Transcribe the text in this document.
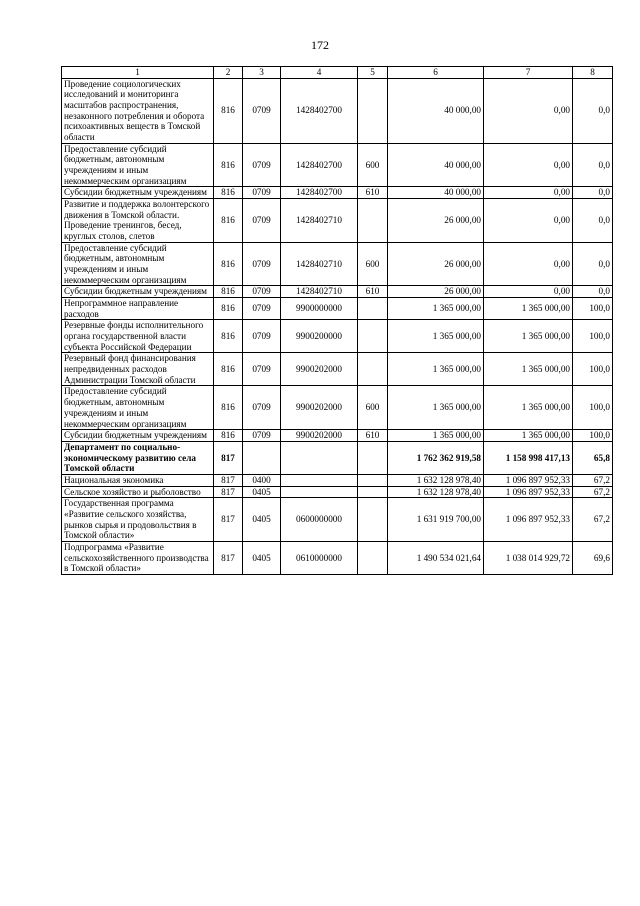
172
1	2	3	4	5	6	7	8
Проведение социологических исследований и мониторинга масштабов распространения, незаконного потребления и оборота психоактивных веществ в Томской области	816	0709	1428402700		40 000,00	0,00	0,0
Предоставление субсидий бюджетным, автономным учреждениям и иным некоммерческим организациям	816	0709	1428402700	600	40 000,00	0,00	0,0
Субсидии бюджетным учреждениям	816	0709	1428402700	610	40 000,00	0,00	0,0
Развитие и поддержка волонтерского движения в Томской области. Проведение тренингов, бесед, круглых столов, слетов	816	0709	1428402710		26 000,00	0,00	0,0
Предоставление субсидий бюджетным, автономным учреждениям и иным некоммерческим организациям	816	0709	1428402710	600	26 000,00	0,00	0,0
Субсидии бюджетным учреждениям	816	0709	1428402710	610	26 000,00	0,00	0,0
Непрограммное направление расходов	816	0709	9900000000		1 365 000,00	1 365 000,00	100,0
Резервные фонды исполнительного органа государственной власти субъекта Российской Федерации	816	0709	9900200000		1 365 000,00	1 365 000,00	100,0
Резервный фонд финансирования непредвиденных расходов Администрации Томской области	816	0709	9900202000		1 365 000,00	1 365 000,00	100,0
Предоставление субсидий бюджетным, автономным учреждениям и иным некоммерческим организациям	816	0709	9900202000	600	1 365 000,00	1 365 000,00	100,0
Субсидии бюджетным учреждениям	816	0709	9900202000	610	1 365 000,00	1 365 000,00	100,0
Департамент по социально-экономическому развитию села Томской области	817				1 762 362 919,58	1 158 998 417,13	65,8
Национальная экономика	817	0400			1 632 128 978,40	1 096 897 952,33	67,2
Сельское хозяйство и рыболовство	817	0405			1 632 128 978,40	1 096 897 952,33	67,2
Государственная программа «Развитие сельского хозяйства, рынков сырья и продовольствия в Томской области»	817	0405	0600000000		1 631 919 700,00	1 096 897 952,33	67,2
Подпрограмма «Развитие сельскохозяйственного производства в Томской области»	817	0405	0610000000		1 490 534 021,64	1 038 014 929,72	69,6
